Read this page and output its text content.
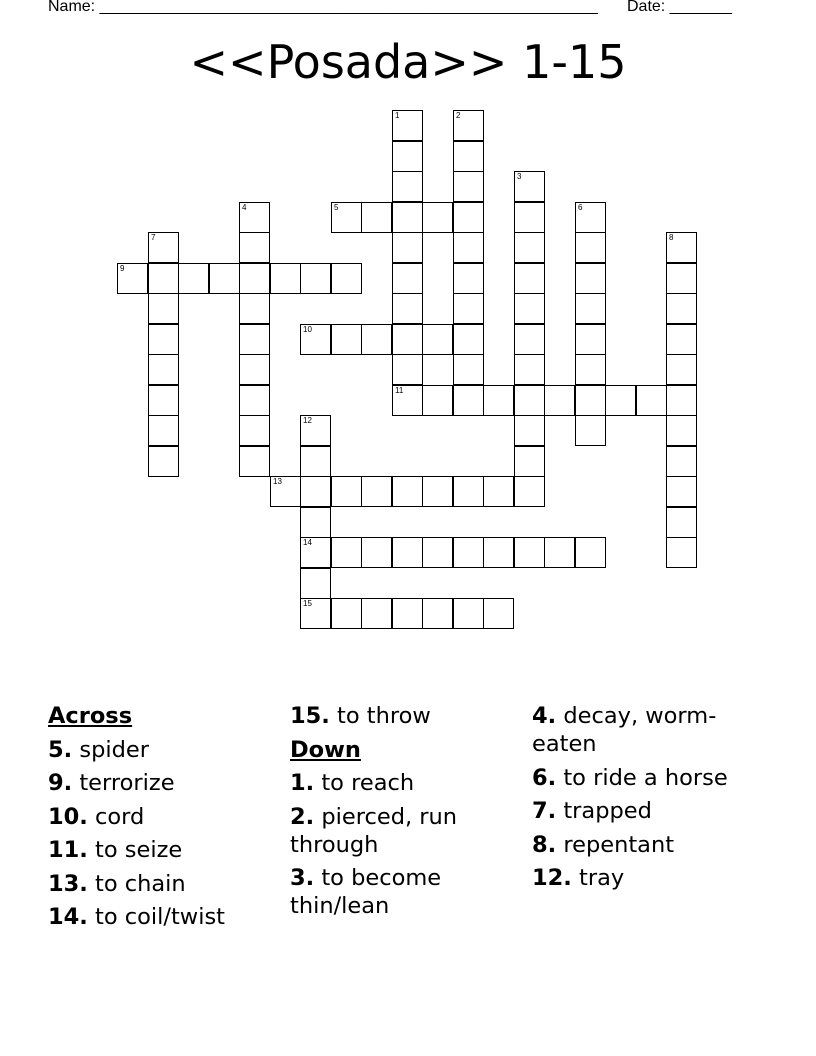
Name: ________________________________________________________ Date: _______
<<Posada>> 1-15
1
11
2
3
4	5	6
7	8
9
10
12
14
15
13
Across
5. spider
9. terrorize
10. cord
11. to seize
13. to chain
14. to coil/twist
15. to throw
Down
1. to reach
2. pierced, run through
3. to become thin/lean
4. decay, worm-eaten
6. to ride a horse
7. trapped
8. repentant
12. tray
